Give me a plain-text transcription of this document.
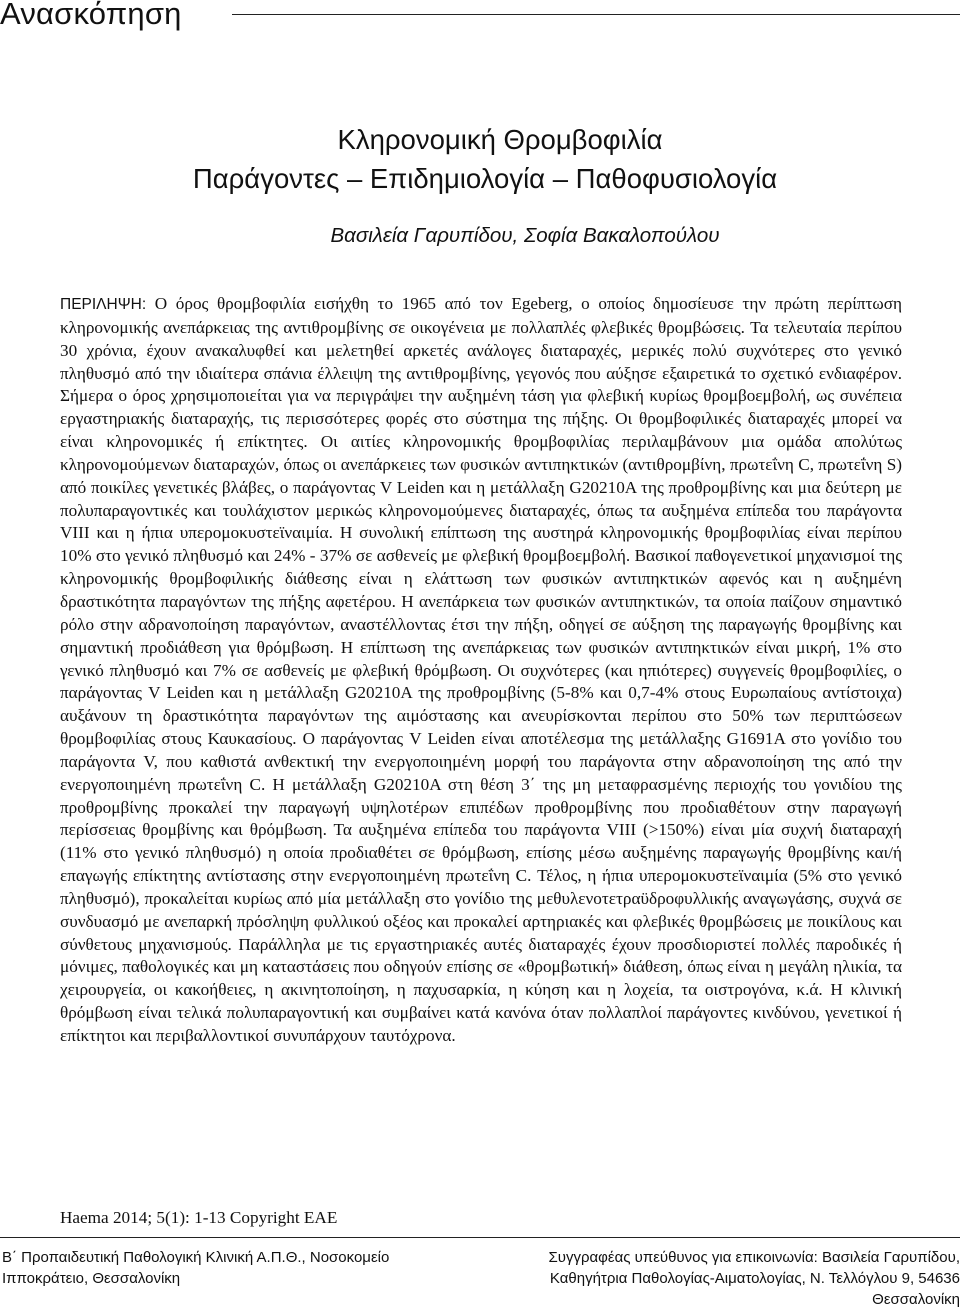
Ανασκόπηση
Κληρονομική Θρομβοφιλία
Παράγοντες – Επιδημιολογία – Παθοφυσιολογία
Βασιλεία Γαρυπίδου, Σοφία Βακαλοπούλου
ΠΕΡΙΛΗΨΗ: Ο όρος θρομβοφιλία εισήχθη το 1965 από τον Egeberg, ο οποίος δημοσίευσε την πρώτη περίπτωση κληρονομικής ανεπάρκειας της αντιθρομβίνης σε οικογένεια με πολλαπλές φλεβικές θρομβώσεις. Τα τελευταία περίπου 30 χρόνια, έχουν ανακαλυφθεί και μελετηθεί αρκετές ανάλογες διαταραχές, μερικές πολύ συχνότερες στο γενικό πληθυσμό από την ιδιαίτερα σπάνια έλλειψη της αντιθρομβίνης, γεγονός που αύξησε εξαιρετικά το σχετικό ενδιαφέρον. Σήμερα ο όρος χρησιμοποιείται για να περιγράψει την αυξημένη τάση για φλεβική κυρίως θρομβοεμβολή, ως συνέπεια εργαστηριακής διαταραχής, τις περισσότερες φορές στο σύστημα της πήξης. Οι θρομβοφιλικές διαταραχές μπορεί να είναι κληρονομικές ή επίκτητες. Οι αιτίες κληρονομικής θρομβοφιλίας περιλαμβάνουν μια ομάδα απολύτως κληρονομούμενων διαταραχών, όπως οι ανεπάρκειες των φυσικών αντιπηκτικών (αντιθρομβίνη, πρωτεΐνη C, πρωτεΐνη S) από ποικίλες γενετικές βλάβες, ο παράγοντας V Leiden και η μετάλλαξη G20210A της προθρομβίνης και μια δεύτερη με πολυπαραγοντικές και τουλάχιστον μερικώς κληρονομούμενες διαταραχές, όπως τα αυξημένα επίπεδα του παράγοντα VIII και η ήπια υπερομοκυστεϊναιμία. Η συνολική επίπτωση της αυστηρά κληρονομικής θρομβοφιλίας είναι περίπου 10% στο γενικό πληθυσμό και 24% - 37% σε ασθενείς με φλεβική θρομβοεμβολή. Βασικοί παθογενετικοί μηχανισμοί της κληρονομικής θρομβοφιλικής διάθεσης είναι η ελάττωση των φυσικών αντιπηκτικών αφενός και η αυξημένη δραστικότητα παραγόντων της πήξης αφετέρου. Η ανεπάρκεια των φυσικών αντιπηκτικών, τα οποία παίζουν σημαντικό ρόλο στην αδρανοποίηση παραγόντων, αναστέλλοντας έτσι την πήξη, οδηγεί σε αύξηση της παραγωγής θρομβίνης και σημαντική προδιάθεση για θρόμβωση. Η επίπτωση της ανεπάρκειας των φυσικών αντιπηκτικών είναι μικρή, 1% στο γενικό πληθυσμό και 7% σε ασθενείς με φλεβική θρόμβωση. Οι συχνότερες (και ηπιότερες) συγγενείς θρομβοφιλίες, ο παράγοντας V Leiden και η μετάλλαξη G20210A της προθρομβίνης (5-8% και 0,7-4% στους Ευρωπαίους αντίστοιχα) αυξάνουν τη δραστικότητα παραγόντων της αιμόστασης και ανευρίσκονται περίπου στο 50% των περιπτώσεων θρομβοφιλίας στους Καυκασίους. Ο παράγοντας V Leiden είναι αποτέλεσμα της μετάλλαξης G1691A στο γονίδιο του παράγοντα V, που καθιστά ανθεκτική την ενεργοποιημένη μορφή του παράγοντα στην αδρανοποίηση της από την ενεργοποιημένη πρωτεΐνη C. Η μετάλλαξη G20210A στη θέση 3΄ της μη μεταφρασμένης περιοχής του γονιδίου της προθρομβίνης προκαλεί την παραγωγή υψηλοτέρων επιπέδων προθρομβίνης που προδιαθέτουν στην παραγωγή περίσσειας θρομβίνης και θρόμβωση. Τα αυξημένα επίπεδα του παράγοντα VIII (>150%) είναι μία συχνή διαταραχή (11% στο γενικό πληθυσμό) η οποία προδιαθέτει σε θρόμβωση, επίσης μέσω αυξημένης παραγωγής θρομβίνης και/ή επαγωγής επίκτητης αντίστασης στην ενεργοποιημένη πρωτεΐνη C. Τέλος, η ήπια υπερομοκυστεϊναιμία (5% στο γενικό πληθυσμό), προκαλείται κυρίως από μία μετάλλαξη στο γονίδιο της μεθυλενοτετραϋδροφυλλικής αναγωγάσης, συχνά σε συνδυασμό με ανεπαρκή πρόσληψη φυλλικού οξέος και προκαλεί αρτηριακές και φλεβικές θρομβώσεις με ποικίλους και σύνθετους μηχανισμούς. Παράλληλα με τις εργαστηριακές αυτές διαταραχές έχουν προσδιοριστεί πολλές παροδικές ή μόνιμες, παθολογικές και μη καταστάσεις που οδηγούν επίσης σε «θρομβωτική» διάθεση, όπως είναι η μεγάλη ηλικία, τα χειρουργεία, οι κακοήθειες, η ακινητοποίηση, η παχυσαρκία, η κύηση και η λοχεία, τα οιστρογόνα, κ.ά. Η κλινική θρόμβωση είναι τελικά πολυπαραγοντική και συμβαίνει κατά κανόνα όταν πολλαπλοί παράγοντες κινδύνου, γενετικοί ή επίκτητοι και περιβαλλοντικοί συνυπάρχουν ταυτόχρονα.
Haema 2014; 5(1): 1-13 Copyright EAE
Β΄ Προπαιδευτική Παθολογική Κλινική Α.Π.Θ., Νοσοκομείο Ιπποκράτειο, Θεσσαλονίκη
Συγγραφέας υπεύθυνος για επικοινωνία: Βασιλεία Γαρυπίδου, Καθηγήτρια Παθολογίας-Αιματολογίας, Ν. Τελλόγλου 9, 54636 Θεσσαλονίκη
